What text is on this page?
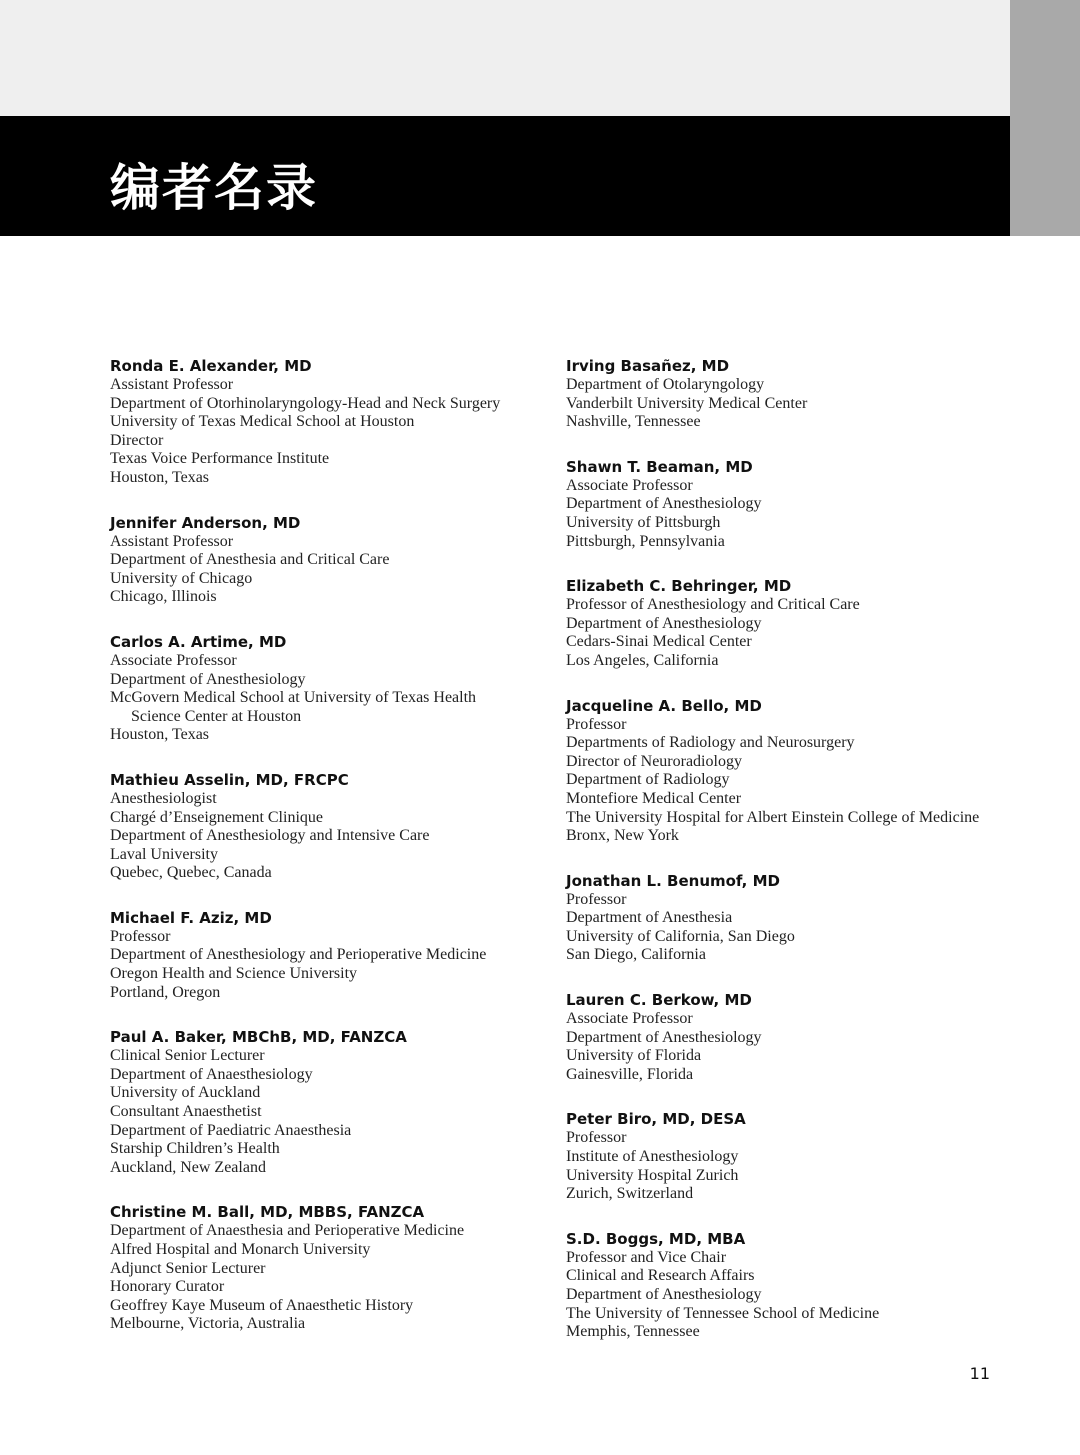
编者名录
Ronda E. Alexander, MD
Assistant Professor
Department of Otorhinolaryngology-Head and Neck Surgery
University of Texas Medical School at Houston
Director
Texas Voice Performance Institute
Houston, Texas
Jennifer Anderson, MD
Assistant Professor
Department of Anesthesia and Critical Care
University of Chicago
Chicago, Illinois
Carlos A. Artime, MD
Associate Professor
Department of Anesthesiology
McGovern Medical School at University of Texas Health
Science Center at Houston
Houston, Texas
Mathieu Asselin, MD, FRCPC
Anesthesiologist
Chargé d’Enseignement Clinique
Department of Anesthesiology and Intensive Care
Laval University
Quebec, Quebec, Canada
Michael F. Aziz, MD
Professor
Department of Anesthesiology and Perioperative Medicine
Oregon Health and Science University
Portland, Oregon
Paul A. Baker, MBChB, MD, FANZCA
Clinical Senior Lecturer
Department of Anaesthesiology
University of Auckland
Consultant Anaesthetist
Department of Paediatric Anaesthesia
Starship Children’s Health
Auckland, New Zealand
Christine M. Ball, MD, MBBS, FANZCA
Department of Anaesthesia and Perioperative Medicine
Alfred Hospital and Monarch University
Adjunct Senior Lecturer
Honorary Curator
Geoffrey Kaye Museum of Anaesthetic History
Melbourne, Victoria, Australia
Irving Basañez, MD
Department of Otolaryngology
Vanderbilt University Medical Center
Nashville, Tennessee
Shawn T. Beaman, MD
Associate Professor
Department of Anesthesiology
University of Pittsburgh
Pittsburgh, Pennsylvania
Elizabeth C. Behringer, MD
Professor of Anesthesiology and Critical Care
Department of Anesthesiology
Cedars-Sinai Medical Center
Los Angeles, California
Jacqueline A. Bello, MD
Professor
Departments of Radiology and Neurosurgery
Director of Neuroradiology
Department of Radiology
Montefiore Medical Center
The University Hospital for Albert Einstein College of Medicine
Bronx, New York
Jonathan L. Benumof, MD
Professor
Department of Anesthesia
University of California, San Diego
San Diego, California
Lauren C. Berkow, MD
Associate Professor
Department of Anesthesiology
University of Florida
Gainesville, Florida
Peter Biro, MD, DESA
Professor
Institute of Anesthesiology
University Hospital Zurich
Zurich, Switzerland
S.D. Boggs, MD, MBA
Professor and Vice Chair
Clinical and Research Affairs
Department of Anesthesiology
The University of Tennessee School of Medicine
Memphis, Tennessee
11
